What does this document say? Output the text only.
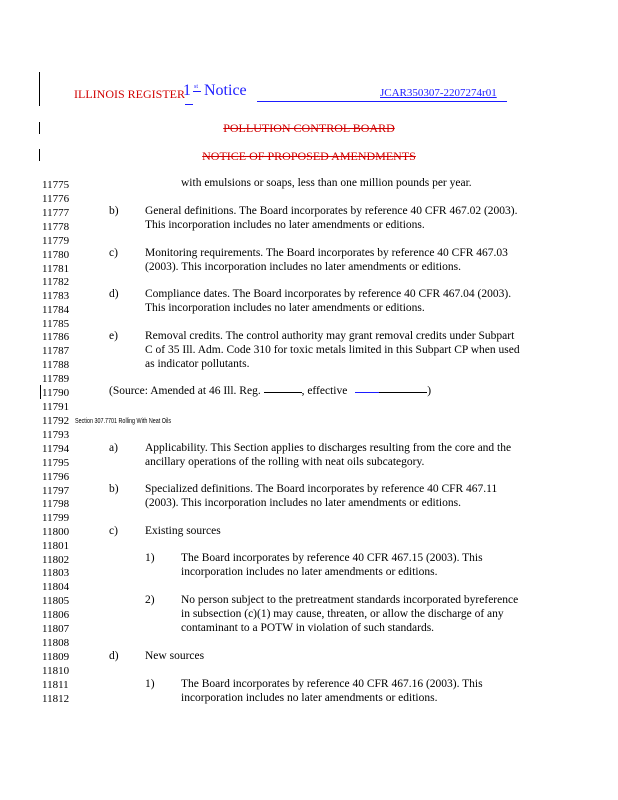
ILLINOIS REGISTER
1 st Notice	JCAR350307-2207274r01
POLLUTION CONTROL BOARD
NOTICE OF PROPOSED AMENDMENTS
11775
11776
11777
11778
11779
11780
11781
11782
11783
11784
11785
11786
11787
11788
11789
11790
11791
11792
11793
11794
11795
11796
11797
11798
11799
11800
11801
11802
11803
11804
11805
11806
11807
11808
11809
11810
11811
11812
b)
c)
d)
e)
a)
b)
c)
1)
2)
d)
1)
with emulsions or soaps, less than one million pounds per year.
General definitions. The Board incorporates by reference 40 CFR 467.02 (2003).
This incorporation includes no later amendments or editions.
Monitoring requirements. The Board incorporates by reference 40 CFR 467.03
(2003). This incorporation includes no later amendments or editions.
Compliance dates. The Board incorporates by reference 40 CFR 467.04 (2003).
This incorporation includes no later amendments or editions.
Removal credits. The control authority may grant removal credits under Subpart
C of 35 Ill. Adm. Code 310 for toxic metals limited in this Subpart CP when used
as indicator pollutants.
(Source: Amended at 46 Ill. Reg.	, effective	)
Section 307.7701 Rolling With Neat Oils
Applicability. This Section applies to discharges resulting from the core and the
ancillary operations of the rolling with neat oils subcategory.
Specialized definitions. The Board incorporates by reference 40 CFR 467.11
(2003). This incorporation includes no later amendments or editions.
Existing sources
The Board incorporates by reference 40 CFR 467.15 (2003). This
incorporation includes no later amendments or editions.
No person subject to the pretreatment standards incorporated byreference
in subsection (c)(1) may cause, threaten, or allow the discharge of any
contaminant to a POTW in violation of such standards.
New sources
The Board incorporates by reference 40 CFR 467.16 (2003). This
incorporation includes no later amendments or editions.
